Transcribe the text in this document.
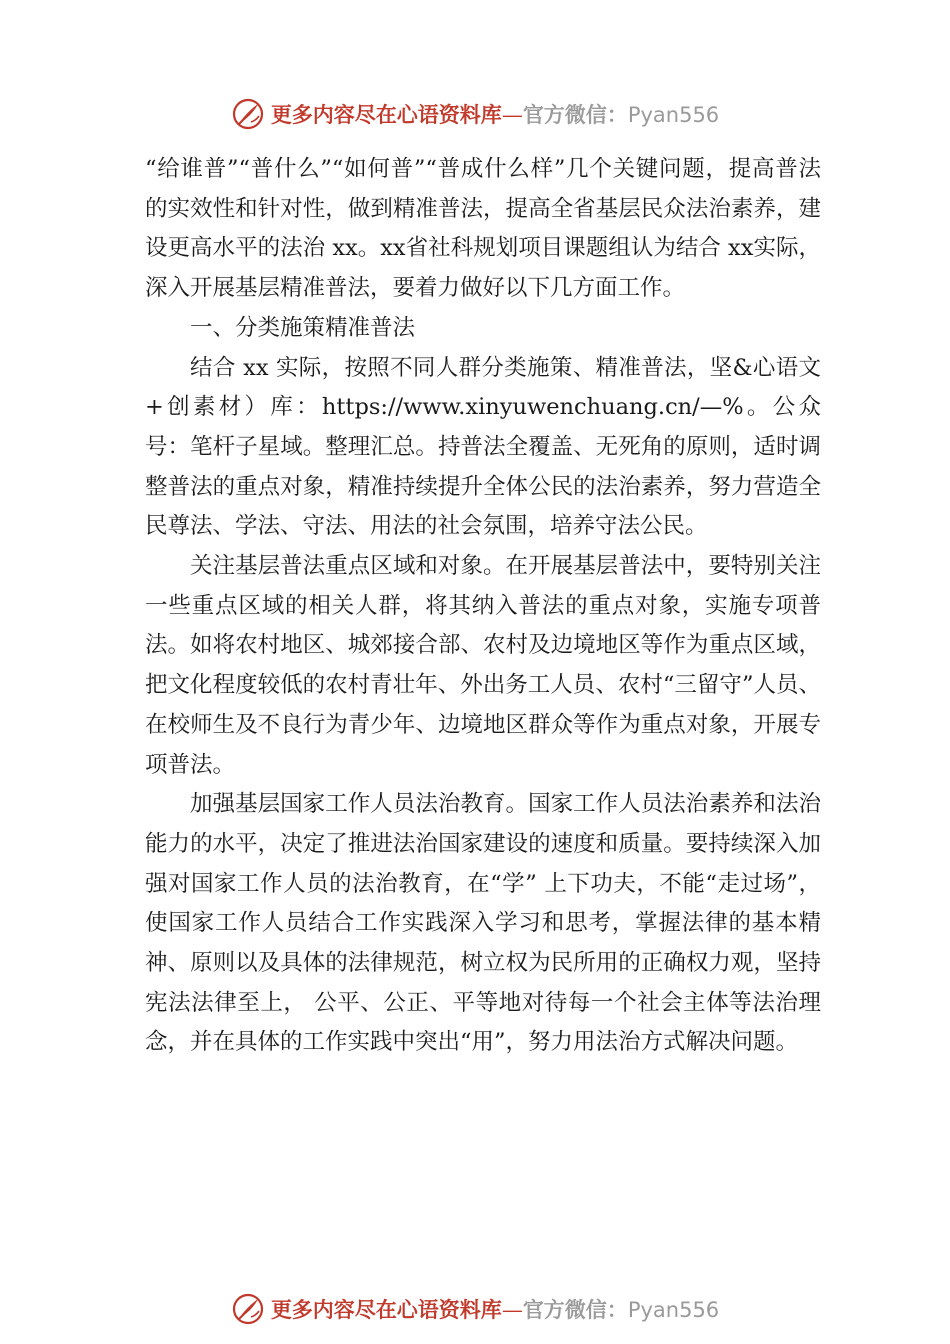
更多内容尽在心语资料库 — 官方微信： Pyan556

“给谁普”“普什么”“如何普”“普成什么样”几个关键问题，提高普法的实效性和针对性，做到精准普法，提高全省基层民众法治素养，建设更高水平的法治 xx。xx省社科规划项目课题组认为结合 xx实际，深入开展基层精准普法，要着力做好以下几方面工作。

一、分类施策精准普法

结合 xx 实际，按照不同人群分类施策、精准普法，坚&心语文+创素材）库：https://www.xinyuwenchuang.cn/—%。公众号：笔杆子星域。整理汇总。持普法全覆盖、无死角的原则，适时调整普法的重点对象，精准持续提升全体公民的法治素养，努力营造全民尊法、学法、守法、用法的社会氛围，培养守法公民。

关注基层普法重点区域和对象。在开展基层普法中，要特别关注一些重点区域的相关人群，将其纳入普法的重点对象，实施专项普法。如将农村地区、城郊接合部、农村及边境地区等作为重点区域，把文化程度较低的农村青壮年、外出务工人员、农村“三留守”人员、在校师生及不良行为青少年、边境地区群众等作为重点对象，开展专项普法。

加强基层国家工作人员法治教育。国家工作人员法治素养和法治能力的水平，决定了推进法治国家建设的速度和质量。要持续深入加强对国家工作人员的法治教育，在“学” 上下功夫，不能“走过场”，使国家工作人员结合工作实践深入学习和思考，掌握法律的基本精神、原则以及具体的法律规范，树立权为民所用的正确权力观，坚持宪法法律至上， 公平、公正、平等地对待每一个社会主体等法治理念，并在具体的工作实践中突出“用”，努力用法治方式解决问题。

更多内容尽在心语资料库 — 官方微信： Pyan556
